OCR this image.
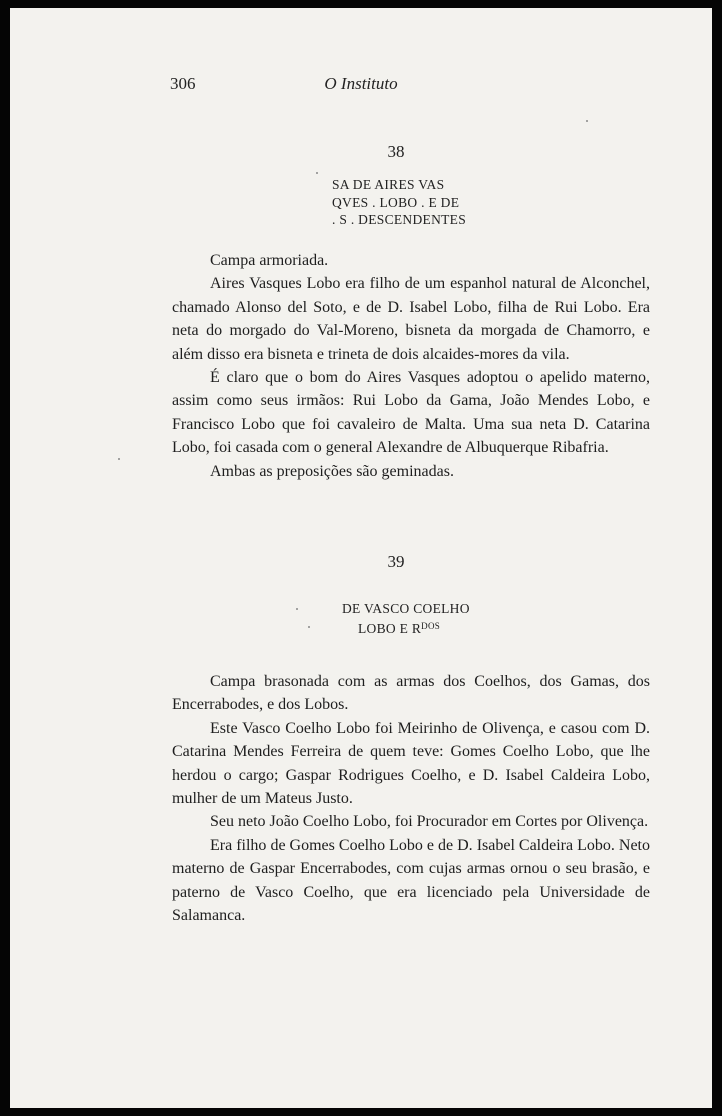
306	O Instituto
38
SA DE AIRES VAS
QVES . LOBO . E DE
. S . DESCENDENTES

Campa armoriada.

Aires Vasques Lobo era filho de um espanhol natural de Alconchel, chamado Alonso del Soto, e de D. Isabel Lobo, filha de Rui Lobo. Era neta do morgado do Val-Moreno, bisneta da morgada de Chamorro, e além disso era bisneta e trineta de dois alcaides-mores da vila.

É claro que o bom do Aires Vasques adoptou o apelido materno, assim como seus irmãos: Rui Lobo da Gama, João Mendes Lobo, e Francisco Lobo que foi cavaleiro de Malta. Uma sua neta D. Catarina Lobo, foi casada com o general Alexandre de Albuquerque Ribafria.

Ambas as preposições são geminadas.

39
DE VASCO COELHO
LOBO E $R^{DOS}$

Campa brasonada com as armas dos Coelhos, dos Gamas, dos Encerrabodes, e dos Lobos.

Este Vasco Coelho Lobo foi Meirinho de Olivença, e casou com D. Catarina Mendes Ferreira de quem teve: Gomes Coelho Lobo, que lhe herdou o cargo; Gaspar Rodrigues Coelho, e D. Isabel Caldeira Lobo, mulher de um Mateus Justo.

Seu neto João Coelho Lobo, foi Procurador em Cortes por Olivença.

Era filho de Gomes Coelho Lobo e de D. Isabel Caldeira Lobo. Neto materno de Gaspar Encerrabodes, com cujas armas ornou o seu brasão, e paterno de Vasco Coelho, que era licenciado pela Universidade de Salamanca.
